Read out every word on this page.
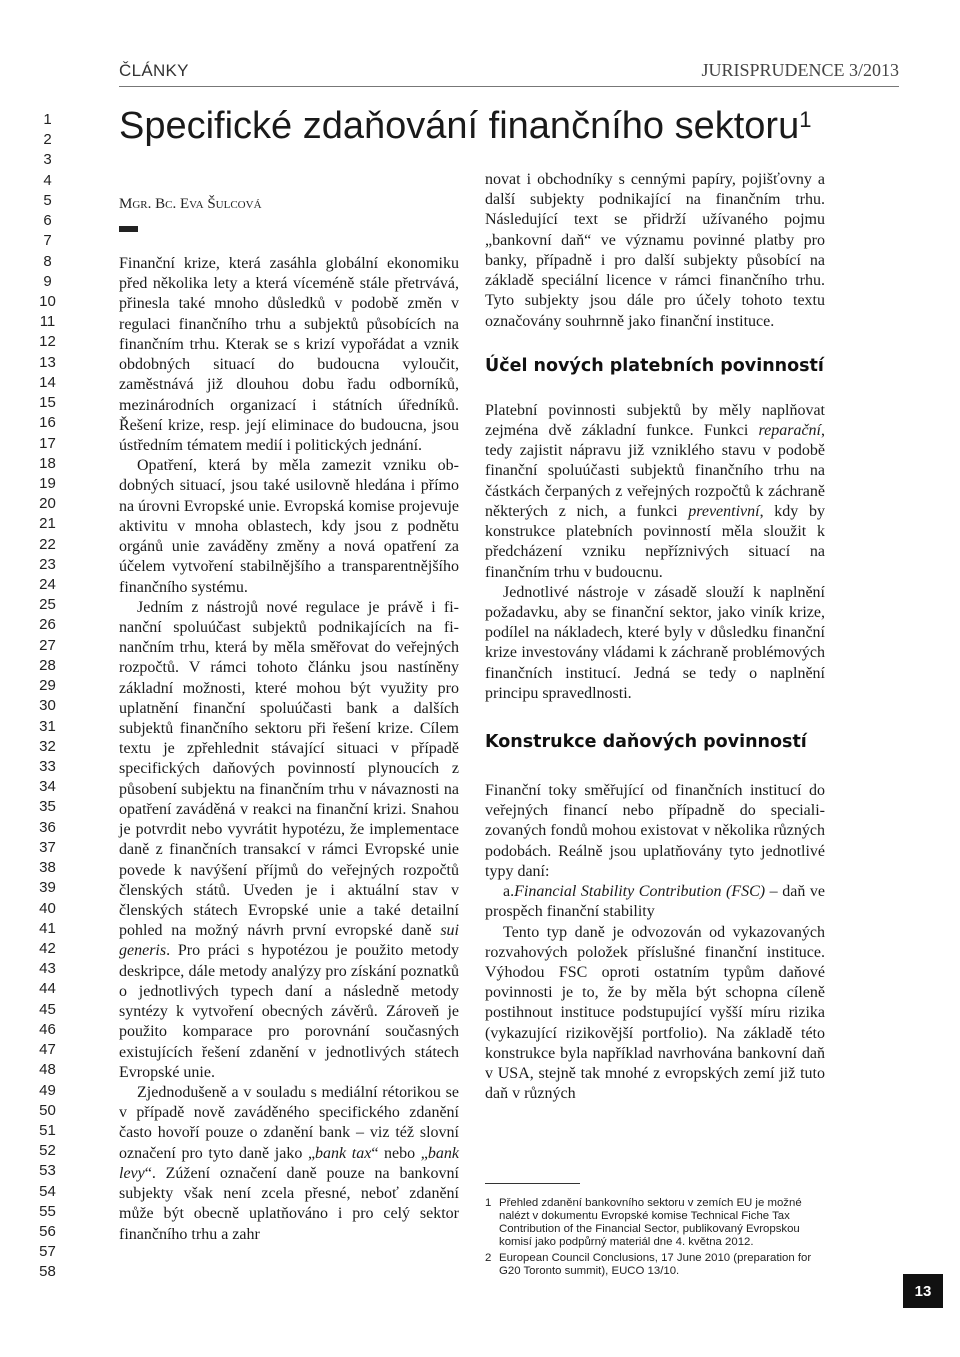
ČLÁNKY	JURISPRUDENCE 3/2013
1
2
3
4
5
6
7
8
9
10
11
12
13
14
15
16
17
18
19
20
21
22
23
24
25
26
27
28
29
30
31
32
33
34
35
36
37
38
39
40
41
42
43
44
45
46
47
48
49
50
51
52
53
54
55
56
57
58
Specifické zdaňování finančního sektoru$^1$
Mgr. Bc. Eva Šulcová

Finanční krize, která zasáhla globální ekonomiku před několika lety a která víceméně stále přetrvává, přinesla také mnoho důsledků v podobě změn v regulaci finančního trhu a subjektů působících na finančním trhu. Kterak se s krizí vypořádat a vznik obdobných situací do budoucna vyloučit, zaměstnává již dlouhou dobu řadu odborníků, mezinárodních organizací i státních úředníků. Řešení krize, resp. její eliminace do budoucna, jsou ústředním tématem medií i politických jednání.

Opatření, která by měla zamezit vzniku obdobných situací, jsou také usilovně hledána i přímo na úrovni Evropské unie. Evropská komise projevuje aktivitu v mnoha oblastech, kdy jsou z podnětu orgánů unie zaváděny změny a nová opatření za účelem vytvoření stabilnějšího a transparentnějšího finančního systému.

Jedním z nástrojů nové regulace je právě i finanční spoluúčast subjektů podnikajících na finančním trhu, která by měla směřovat do veřejných rozpočtů. V rámci tohoto článku jsou nastíněny základní možnosti, které mohou být využity pro uplatnění finanční spoluúčasti bank a dalších subjektů finančního sektoru při řešení krize. Cílem textu je zpřehlednit stávající situaci v případě specifických daňových povinností plynoucích z působení subjektu na finančním trhu v návaznosti na opatření zaváděná v reakci na finanční krizi. Snahou je potvrdit nebo vyvrátit hypotézu, že implementace daně z finančních transakcí v rámci Evropské unie povede k navýšení příjmů do veřejných rozpočtů členských států. Uveden je i aktuální stav v členských státech Evropské unie a také detailní pohled na možný návrh první evropské daně sui generis. Pro práci s hypotézou je použito metody deskripce, dále metody analýzy pro získání poznatků o jednotlivých typech daní a následně metody syntézy k vytvoření obecných závěrů. Zároveň je použito komparace pro porovnání současných existujících řešení zdanění v jednotlivých státech Evropské unie.

Zjednodušeně a v souladu s mediální rétorikou se v případě nově zaváděného specifického zdanění často hovoří pouze o zdanění bank – viz též slovní označení pro tyto daně jako „bank tax“ nebo „bank levy“. Zúžení označení daně pouze na bankovní subjekty však není zcela přesné, neboť zdanění může být obecně uplatňováno i pro celý sektor finančního trhu a zahr

novat i obchodníky s cennými papíry, pojišťovny a další subjekty podnikající na finančním trhu. Následující text se přidrží užívaného pojmu „bankovní daň“ ve významu povinné platby pro banky, případně i pro další subjekty působící na základě speciální licence v rámci finančního trhu. Tyto subjekty jsou dále pro účely tohoto textu označovány souhrnně jako finanční instituce.

Účel nových platebních povinností

Platební povinnosti subjektů by měly naplňovat zejména dvě základní funkce. Funkci reparační, tedy zajistit nápravu již vzniklého stavu v podobě finanční spoluúčasti subjektů finančního trhu na částkách čerpaných z veřejných rozpočtů k záchraně některých z nich, a funkci preventivní, kdy by konstrukce platebních povinností měla sloužit k předcházení vzniku nepříznivých situací na finančním trhu v budoucnu.

Jednotlivé nástroje v zásadě slouží k naplnění požadavku, aby se finanční sektor, jako viník krize, podílel na nákladech, které byly v důsledku finanční krize investovány vládami k záchraně problémových finančních institucí. Jedná se tedy o naplnění principu spravedlnosti.

Konstrukce daňových povinností

Finanční toky směřující od finančních institucí do veřejných financí nebo případně do specializovaných fondů mohou existovat v několika různých podobách. Reálně jsou uplatňovány tyto jednotlivé typy daní:

a.Financial Stability Contribution (FSC) – daň ve prospěch finanční stability

Tento typ daně je odvozován od vykazovaných rozvahových položek příslušné finanční instituce. Výhodou FSC oproti ostatním typům daňové povinnosti je to, že by měla být schopna cíleně postihnout instituce podstupující vyšší míru rizika (vykazující rizikovější portfolio). Na základě této konstrukce byla například navrhována bankovní daň v USA, stejně tak mnohé z evropských zemí již tuto daň v různých

1 Přehled zdanění bankovního sektoru v zemích EU je možné nalézt v dokumentu Evropské komise Technical Fiche Tax Contribution of the Financial Sector, publikovaný Evropskou komisí jako podpůrný materiál dne 4. května 2012.
2 European Council Conclusions, 17 June 2010 (preparation for G20 Toronto summit), EUCO 13/10.
13
